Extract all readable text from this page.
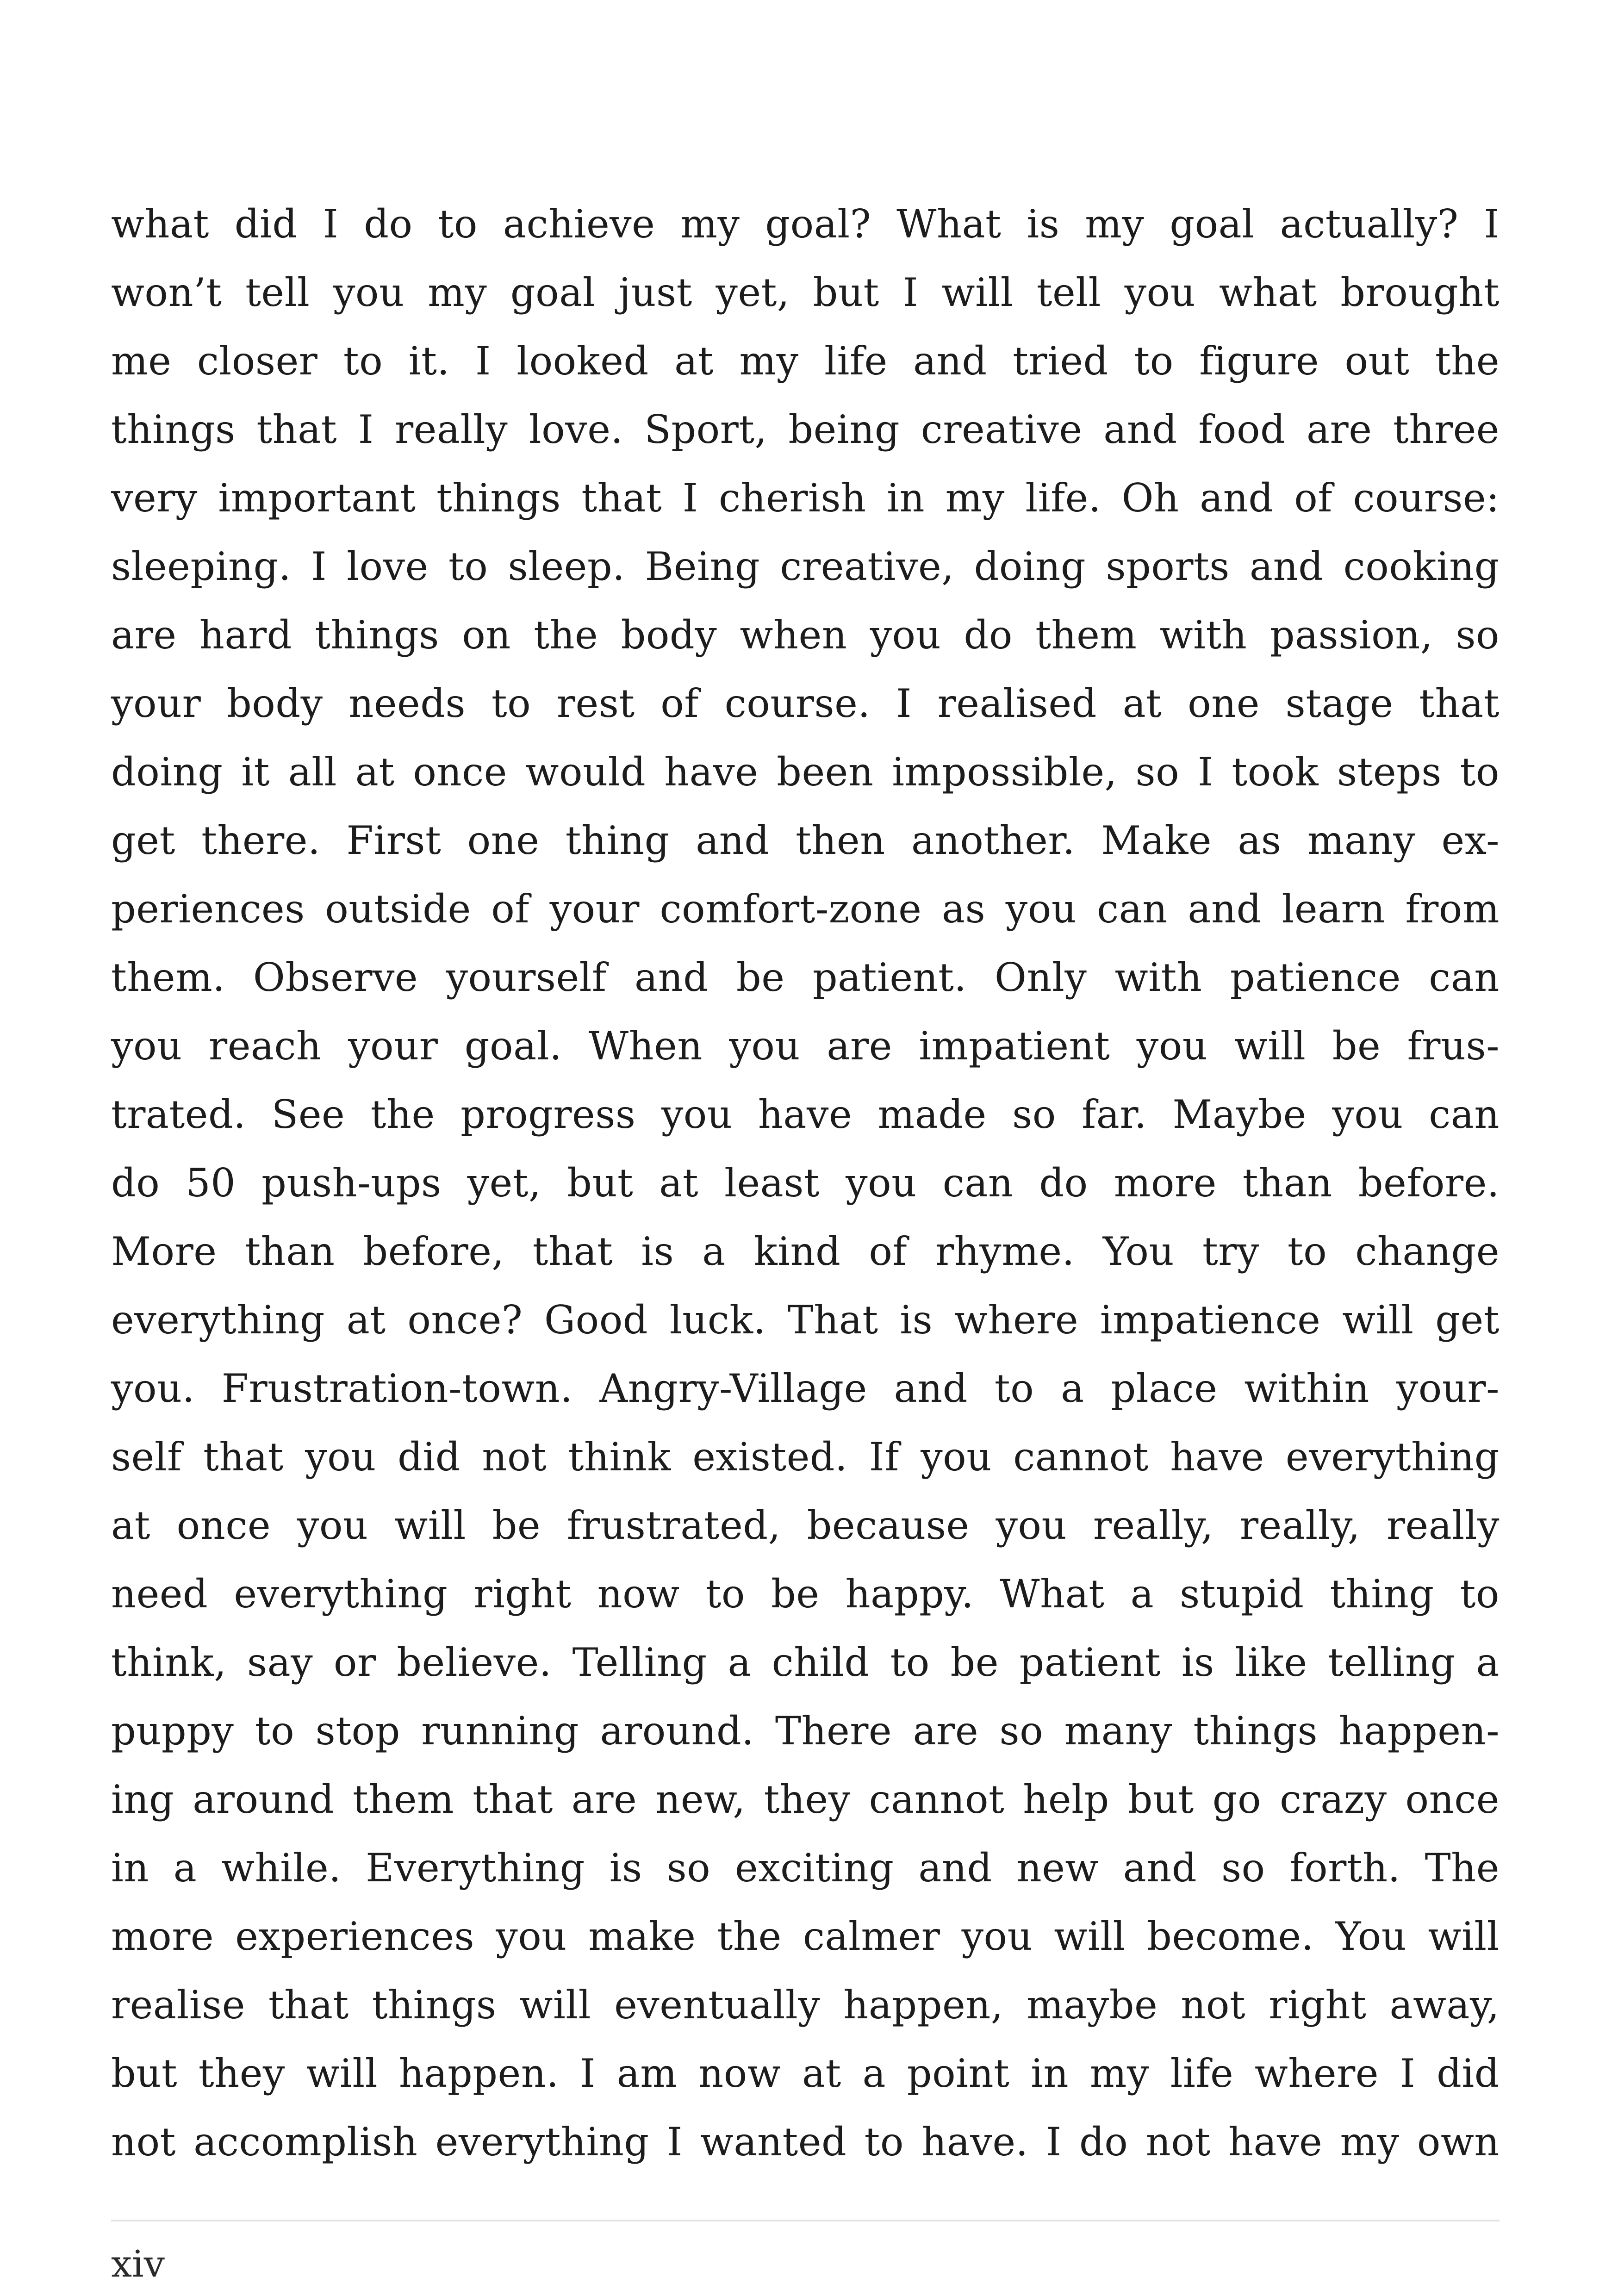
what did I do to achieve my goal? What is my goal actually? I
won’t tell you my goal just yet, but I will tell you what brought
me closer to it. I looked at my life and tried to figure out the
things that I really love. Sport, being creative and food are three
very important things that I cherish in my life. Oh and of course:
sleeping. I love to sleep. Being creative, doing sports and cooking
are hard things on the body when you do them with passion, so
your body needs to rest of course. I realised at one stage that
doing it all at once would have been impossible, so I took steps to
get there. First one thing and then another. Make as many ex-
periences outside of your comfort-zone as you can and learn from
them. Observe yourself and be patient. Only with patience can
you reach your goal. When you are impatient you will be frus-
trated. See the progress you have made so far. Maybe you can
do 50 push-ups yet, but at least you can do more than before.
More than before, that is a kind of rhyme. You try to change
everything at once? Good luck. That is where impatience will get
you. Frustration-town. Angry-Village and to a place within your-
self that you did not think existed. If you cannot have everything
at once you will be frustrated, because you really, really, really
need everything right now to be happy. What a stupid thing to
think, say or believe. Telling a child to be patient is like telling a
puppy to stop running around. There are so many things happen-
ing around them that are new, they cannot help but go crazy once
in a while. Everything is so exciting and new and so forth. The
more experiences you make the calmer you will become. You will
realise that things will eventually happen, maybe not right away,
but they will happen. I am now at a point in my life where I did
not accomplish everything I wanted to have. I do not have my own
xiv
